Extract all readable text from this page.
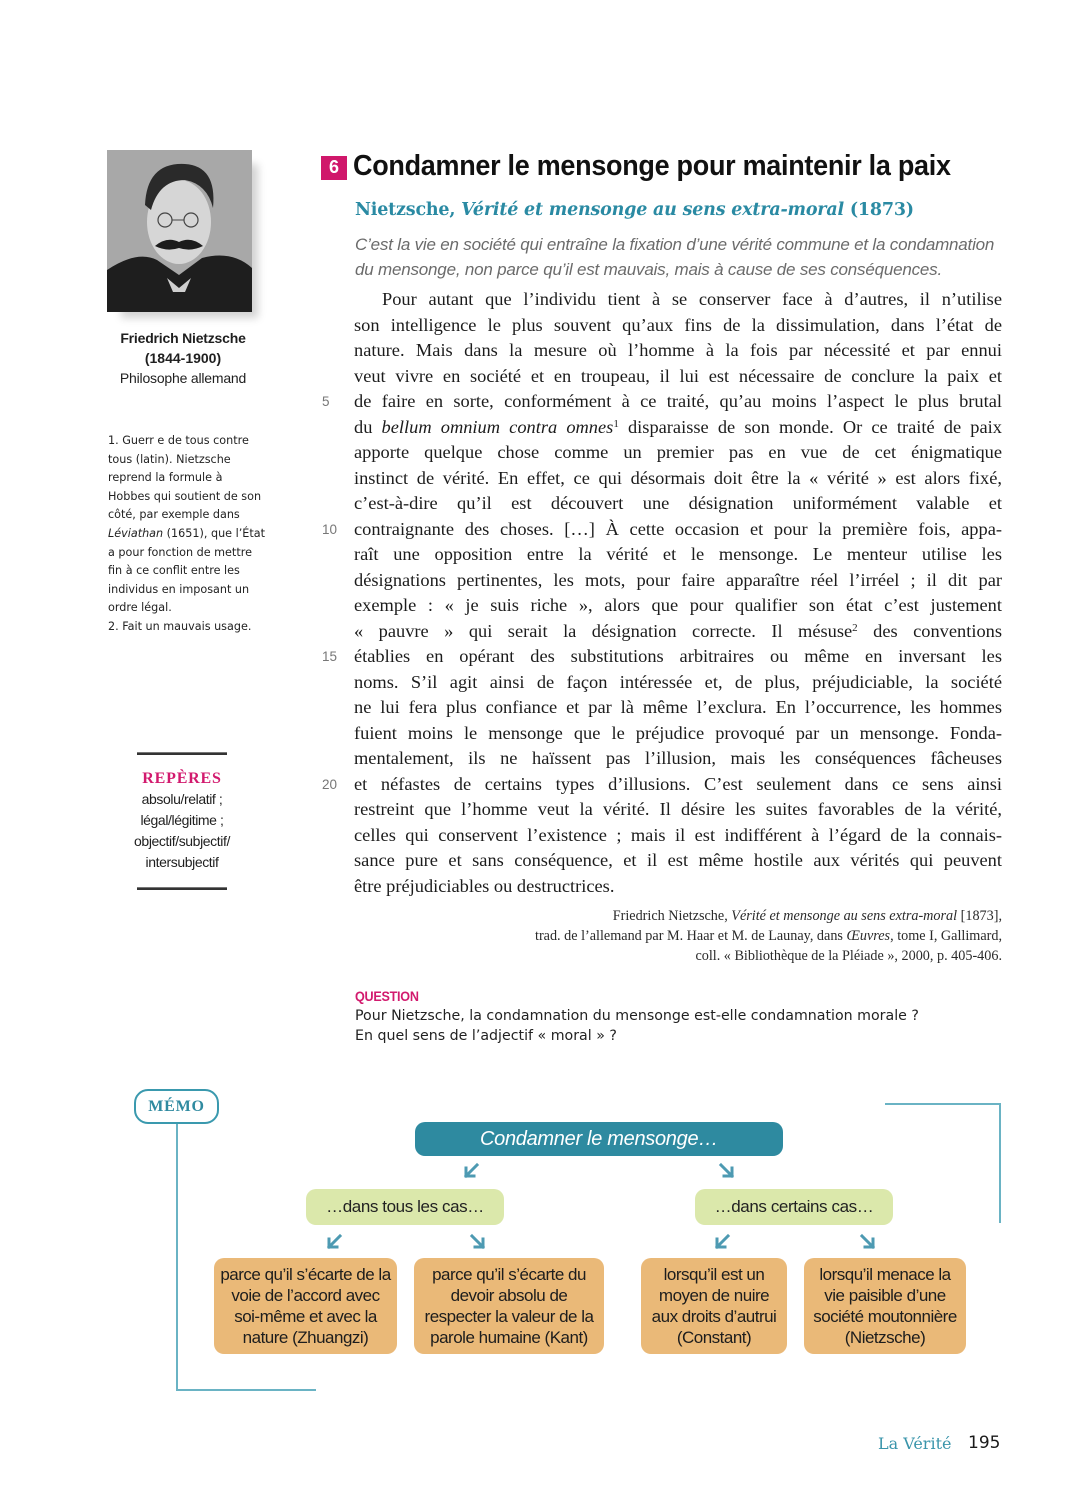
Friedrich Nietzsche
(1844-1900)
Philosophe allemand

1. Guerr e de tous contre tous (latin). Nietzsche reprend la formule à Hobbes qui soutient de son côté, par exemple dans Léviathan (1651), que l’État a pour fonction de mettre fin à ce conflit entre les individus en imposant un ordre légal.

2. Fait un mauvais usage.

REPÈRES
absolu/relatif ;
légal/légitime ;
objectif/subjectif/
intersubjectif
6 Condamner le mensonge pour maintenir la paix
Nietzsche, Vérité et mensonge au sens extra-moral (1873)
C’est la vie en société qui entraîne la fixation d’une vérité commune et la condamnation du mensonge, non parce qu’il est mauvais, mais à cause de ses conséquences.
Pour autant que l’individu tient à se conserver face à d’autres, il n’utilise
son intelligence le plus souvent qu’aux fins de la dissimulation, dans l’état de
nature. Mais dans la mesure où l’homme à la fois par nécessité et par ennui
veut vivre en société et en troupeau, il lui est nécessaire de conclure la paix et
5	de faire en sorte, conformément à ce traité, qu’au moins l’aspect le plus brutal
du bellum omnium contra omnes$^1$ disparaisse de son monde. Or ce traité de paix
apporte quelque chose comme un premier pas en vue de cet énigmatique
instinct de vérité. En effet, ce qui désormais doit être la « vérité » est alors fixé,
c’est-à-dire qu’il est découvert une désignation uniformément valable et
10 contraignante des choses. […] À cette occasion et pour la première fois, appa-
raît une opposition entre la vérité et le mensonge. Le menteur utilise les
désignations pertinentes, les mots, pour faire apparaître réel l’irréel ; il dit par
exemple : « je suis riche », alors que pour qualifier son état c’est justement
« pauvre » qui serait la désignation correcte. Il mésuse$^2$ des conventions
15 établies en opérant des substitutions arbitraires ou même en inversant les
noms. S’il agit ainsi de façon intéressée et, de plus, préjudiciable, la société
ne lui fera plus confiance et par là même l’exclura. En l’occurrence, les hommes
fuient moins le mensonge que le préjudice provoqué par un mensonge. Fonda-
mentalement, ils ne haïssent pas l’illusion, mais les conséquences fâcheuses
20 et néfastes de certains types d’illusions. C’est seulement dans ce sens ainsi
restreint que l’homme veut la vérité. Il désire les suites favorables de la vérité,
celles qui conservent l’existence ; mais il est indifférent à l’égard de la connais-
sance pure et sans conséquence, et il est même hostile aux vérités qui peuvent
être préjudiciables ou destructrices.
Friedrich Nietzsche, Vérité et mensonge au sens extra-moral [1873],
trad. de l’allemand par M. Haar et M. de Launay, dans Œuvres, tome I, Gallimard,
coll. « Bibliothèque de la Pléiade », 2000, p. 405-406.
QUESTION
Pour Nietzsche, la condamnation du mensonge est-elle condamnation morale ?
En quel sens de l’adjectif « moral » ?
MÉMO
Condamner le mensonge…
…dans tous les cas…	…dans certains cas…
parce qu’il s’écarte de la voie de l’accord avec soi-même et avec la nature (Zhuangzi)
parce qu’il s’écarte du devoir absolu de respecter la valeur de la parole humaine (Kant)
lorsqu’il est un moyen de nuire aux droits d’autrui (Constant)
lorsqu’il menace la vie paisible d’une société moutonnière (Nietzsche)
La Vérité 195
